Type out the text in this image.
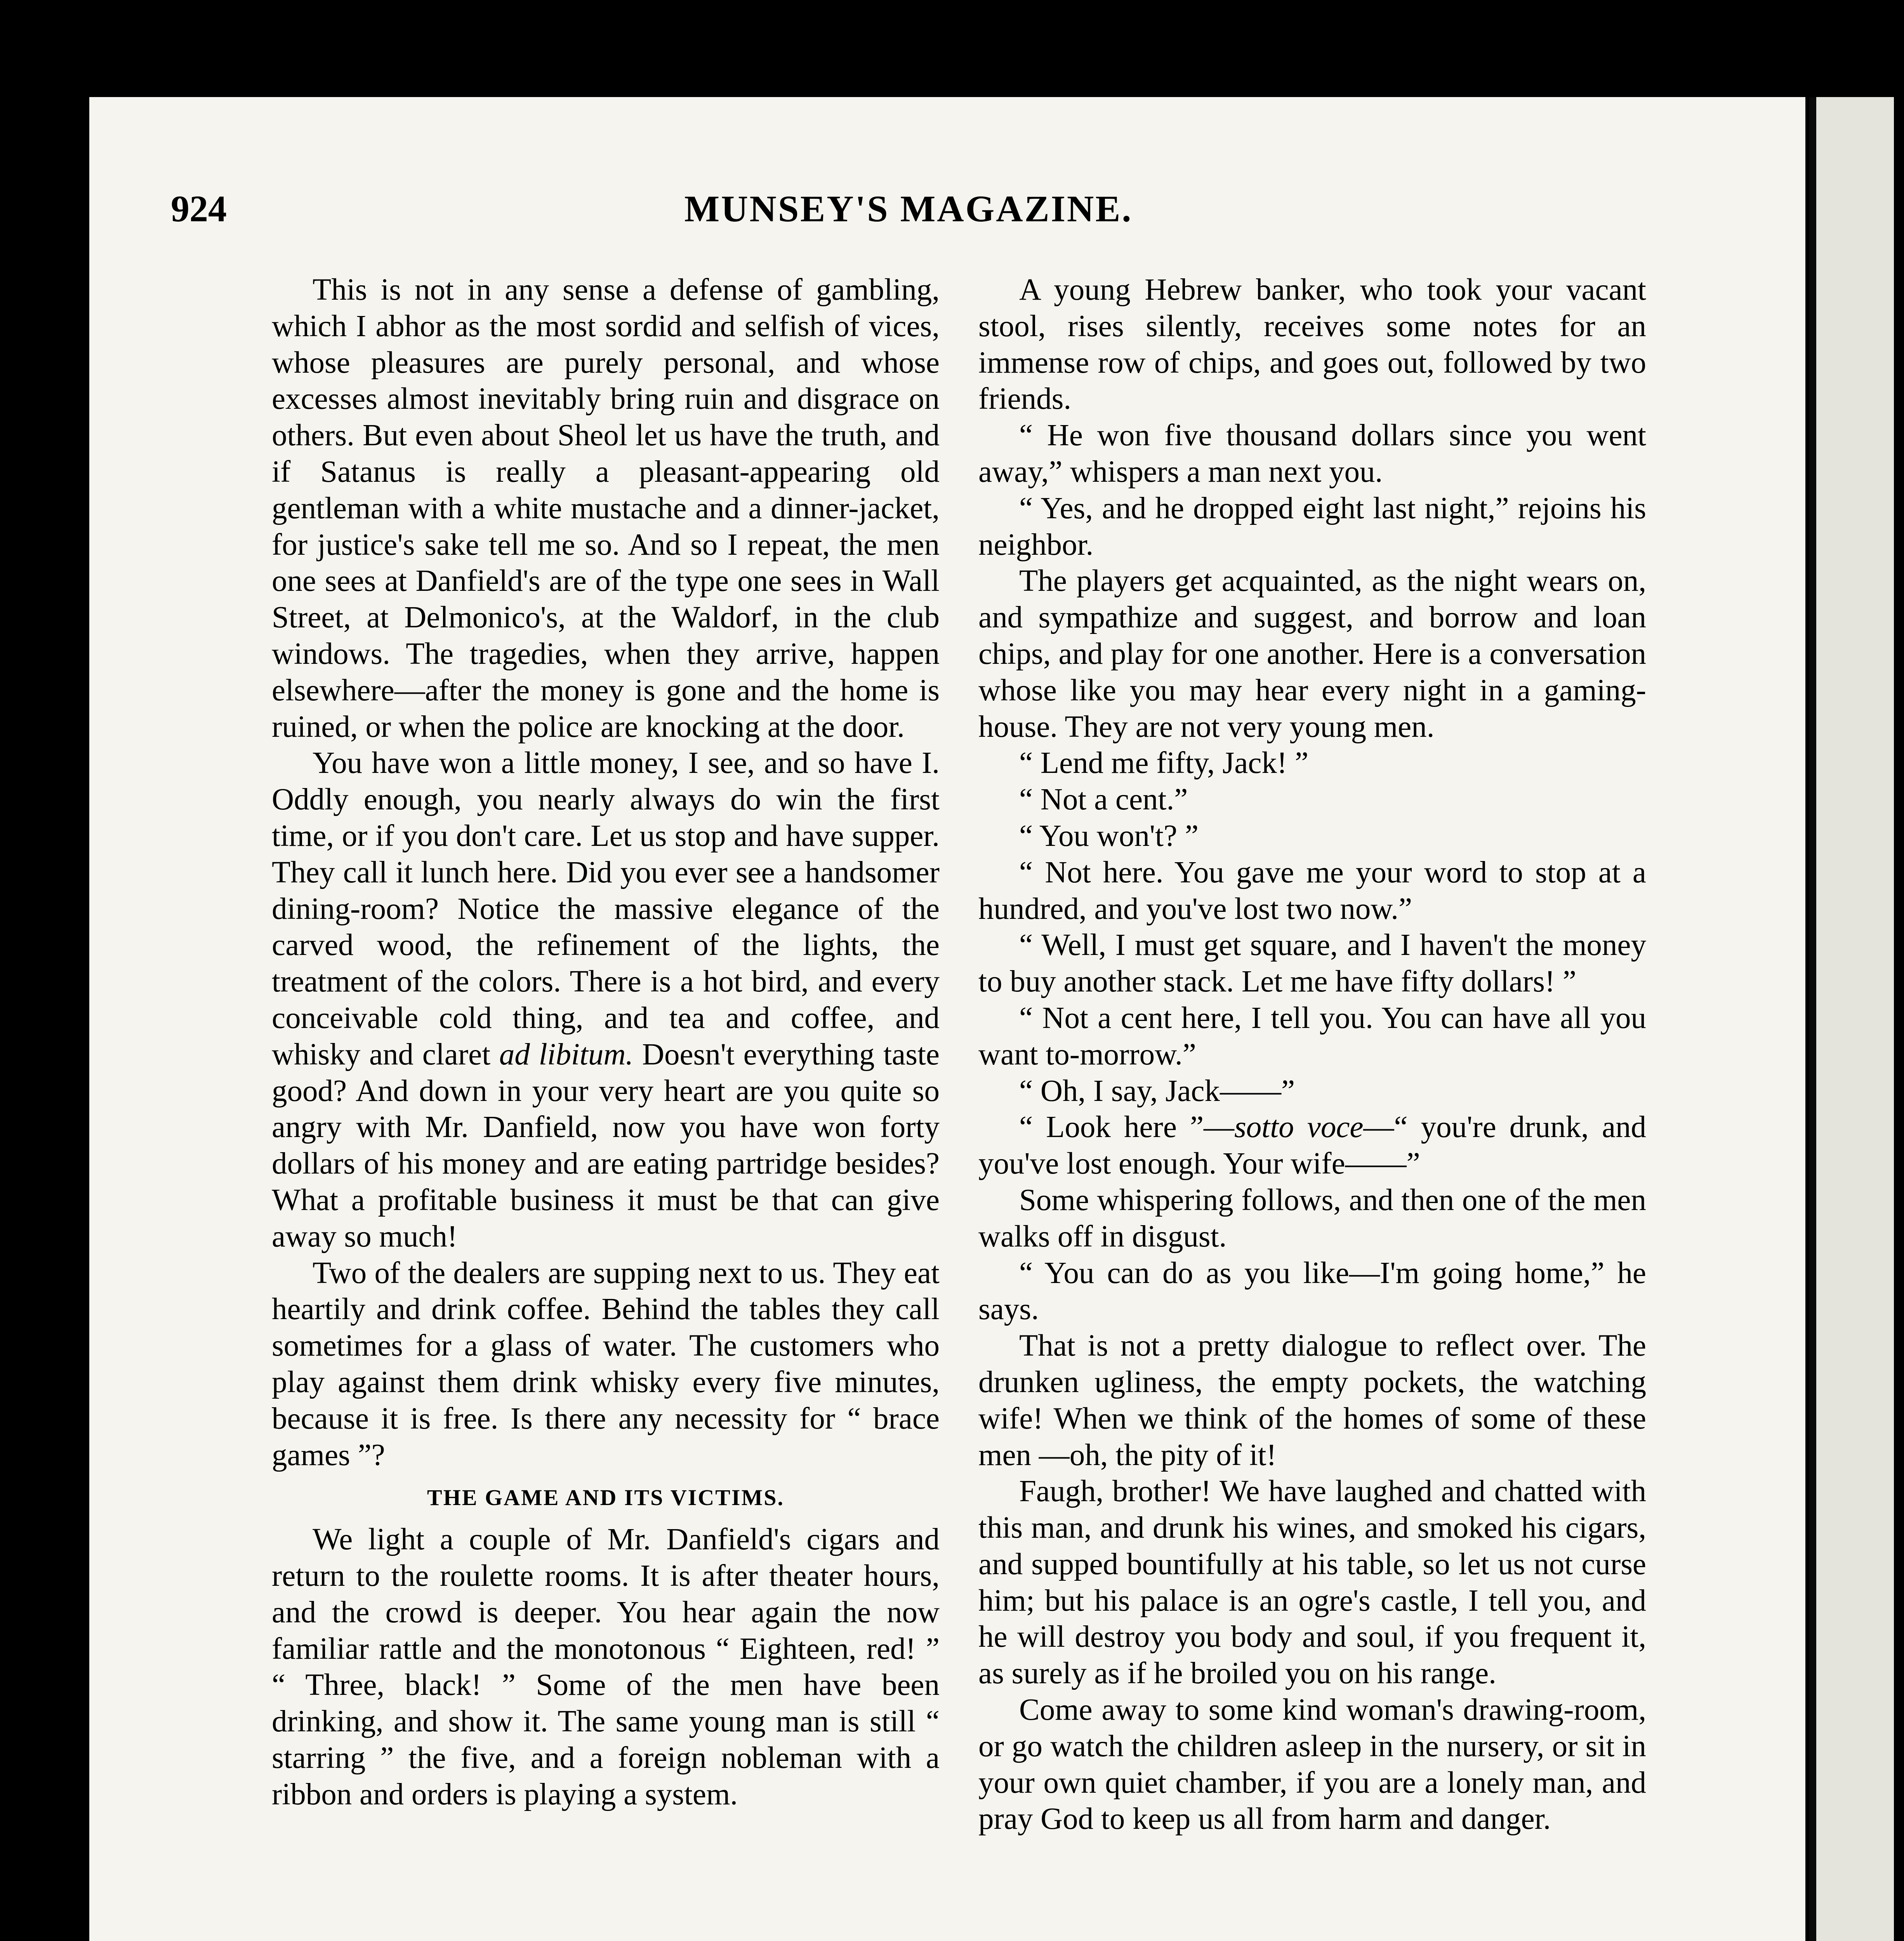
924	MUNSEY'S MAGAZINE.

This is not in any sense a defense of gambling, which I abhor as the most sordid and selfish of vices, whose pleasures are purely personal, and whose excesses almost inevitably bring ruin and disgrace on others. But even about Sheol let us have the truth, and if Satanus is really a pleasant-appearing old gentleman with a white mustache and a dinner-jacket, for justice's sake tell me so. And so I repeat, the men one sees at Danfield's are of the type one sees in Wall Street, at Delmonico's, at the Waldorf, in the club windows. The tragedies, when they arrive, happen elsewhere—after the money is gone and the home is ruined, or when the police are knocking at the door.

You have won a little money, I see, and so have I. Oddly enough, you nearly always do win the first time, or if you don't care. Let us stop and have supper. They call it lunch here. Did you ever see a handsomer dining-room? Notice the massive elegance of the carved wood, the refinement of the lights, the treatment of the colors. There is a hot bird, and every conceivable cold thing, and tea and coffee, and whisky and claret ad libitum. Doesn't everything taste good? And down in your very heart are you quite so angry with Mr. Danfield, now you have won forty dollars of his money and are eating partridge besides? What a profitable business it must be that can give away so much!

Two of the dealers are supping next to us. They eat heartily and drink coffee. Behind the tables they call sometimes for a glass of water. The customers who play against them drink whisky every five minutes, because it is free. Is there any necessity for “ brace games ”?

THE GAME AND ITS VICTIMS.

We light a couple of Mr. Danfield's cigars and return to the roulette rooms. It is after theater hours, and the crowd is deeper. You hear again the now familiar rattle and the monotonous “ Eighteen, red! ” “ Three, black! ” Some of the men have been drinking, and show it. The same young man is still “ starring ” the five, and a foreign nobleman with a ribbon and orders is playing a system.

A young Hebrew banker, who took your vacant stool, rises silently, receives some notes for an immense row of chips, and goes out, followed by two friends.

“ He won five thousand dollars since you went away,” whispers a man next you.

“ Yes, and he dropped eight last night,” rejoins his neighbor.

The players get acquainted, as the night wears on, and sympathize and suggest, and borrow and loan chips, and play for one another. Here is a conversation whose like you may hear every night in a gaming-house. They are not very young men.

“ Lend me fifty, Jack! ”

“ Not a cent.”

“ You won't? ”

“ Not here. You gave me your word to stop at a hundred, and you've lost two now.”

“ Well, I must get square, and I haven't the money to buy another stack. Let me have fifty dollars! ”

“ Not a cent here, I tell you. You can have all you want to-morrow.”

“ Oh, I say, Jack——”

“ Look here ”—sotto voce—“ you're drunk, and you've lost enough. Your wife——”

Some whispering follows, and then one of the men walks off in disgust.

“ You can do as you like—I'm going home,” he says.

That is not a pretty dialogue to reflect over. The drunken ugliness, the empty pockets, the watching wife! When we think of the homes of some of these men —oh, the pity of it!

Faugh, brother! We have laughed and chatted with this man, and drunk his wines, and smoked his cigars, and supped bountifully at his table, so let us not curse him; but his palace is an ogre's castle, I tell you, and he will destroy you body and soul, if you frequent it, as surely as if he broiled you on his range.

Come away to some kind woman's drawing-room, or go watch the children asleep in the nursery, or sit in your own quiet chamber, if you are a lonely man, and pray God to keep us all from harm and danger.
